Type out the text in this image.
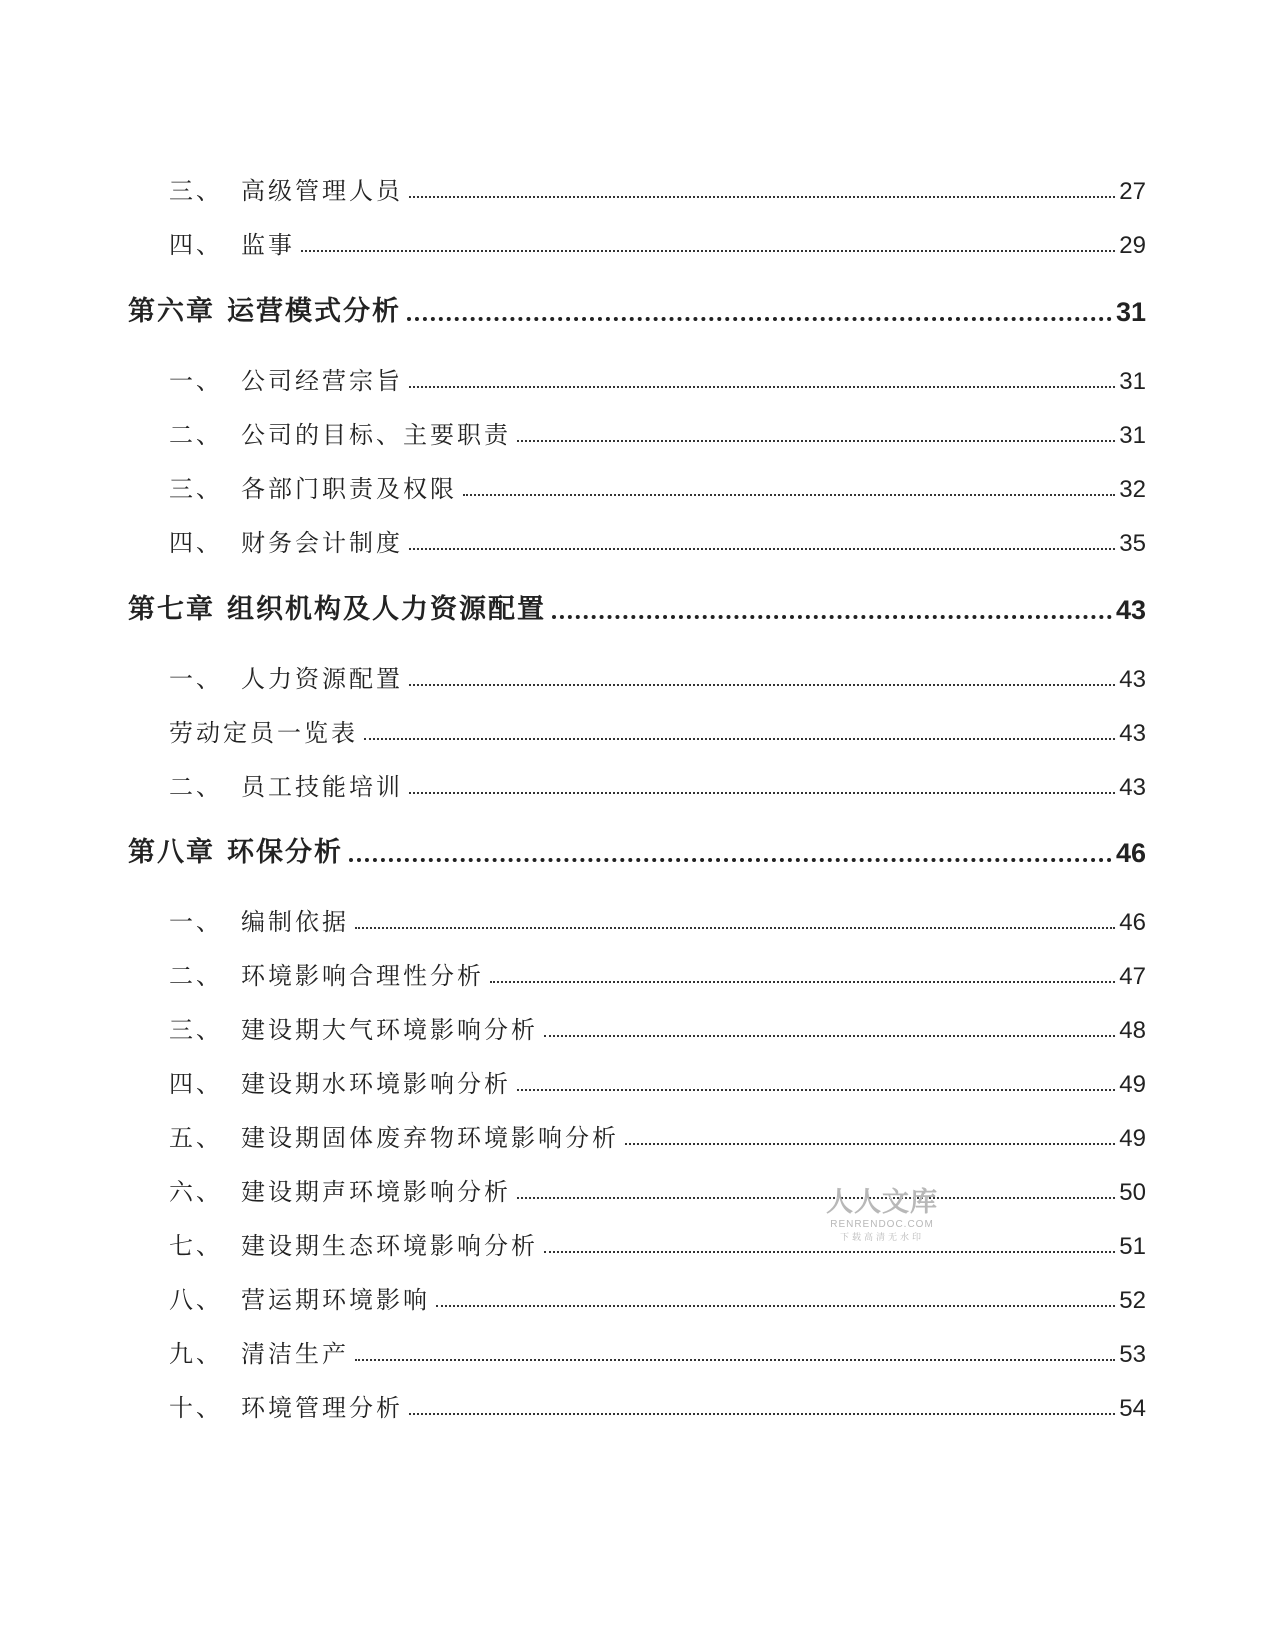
三、 高级管理人员	27
四、 监事	29
第六章 运营模式分析	31
一、 公司经营宗旨	31
二、 公司的目标、主要职责	31
三、 各部门职责及权限	32
四、 财务会计制度	35
第七章 组织机构及人力资源配置	43
一、 人力资源配置	43
劳动定员一览表	43
二、 员工技能培训	43
第八章 环保分析	46
一、 编制依据	46
二、 环境影响合理性分析	47
三、 建设期大气环境影响分析	48
四、 建设期水环境影响分析	49
五、 建设期固体废弃物环境影响分析	49
六、 建设期声环境影响分析	50
七、 建设期生态环境影响分析	51
八、 营运期环境影响	52
九、 清洁生产	53
十、 环境管理分析	54
人人文库
RENRENDOC.COM
下载高清无水印
